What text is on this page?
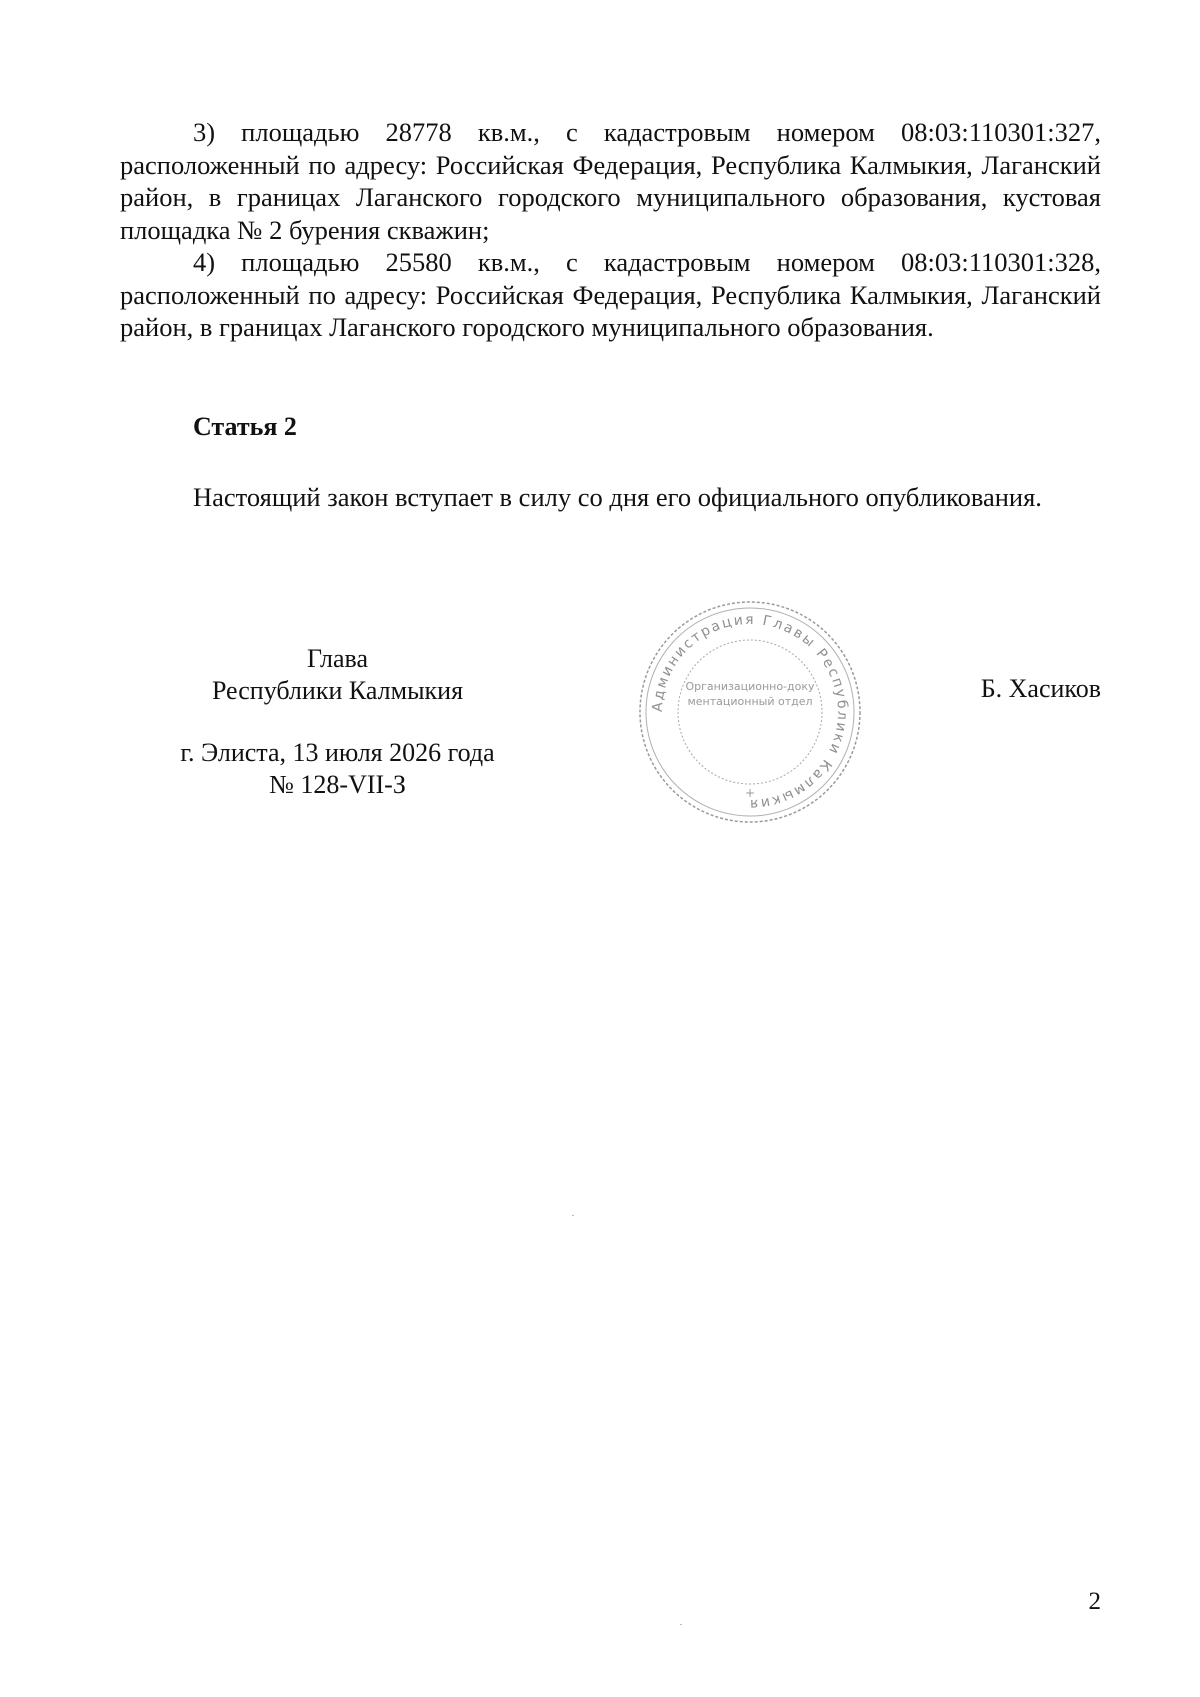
3) площадью 28778 кв.м., с кадастровым номером 08:03:110301:327, расположенный по адресу: Российская Федерация, Республика Калмыкия, Лаганский район, в границах Лаганского городского муниципального образования, кустовая площадка № 2 бурения скважин;

4) площадью 25580 кв.м., с кадастровым номером 08:03:110301:328, расположенный по адресу: Российская Федерация, Республика Калмыкия, Лаганский район, в границах Лаганского городского муниципального образования.

Статья 2

Настоящий закон вступает в силу со дня его официального опубликования.

Глава
Республики Калмыкия
г. Элиста, 13 июля 2026 года
№ 128-VII-З
Б. Хасиков
Администрация Главы Республики Калмыкия
Организационно-документационный отдел
+
2
